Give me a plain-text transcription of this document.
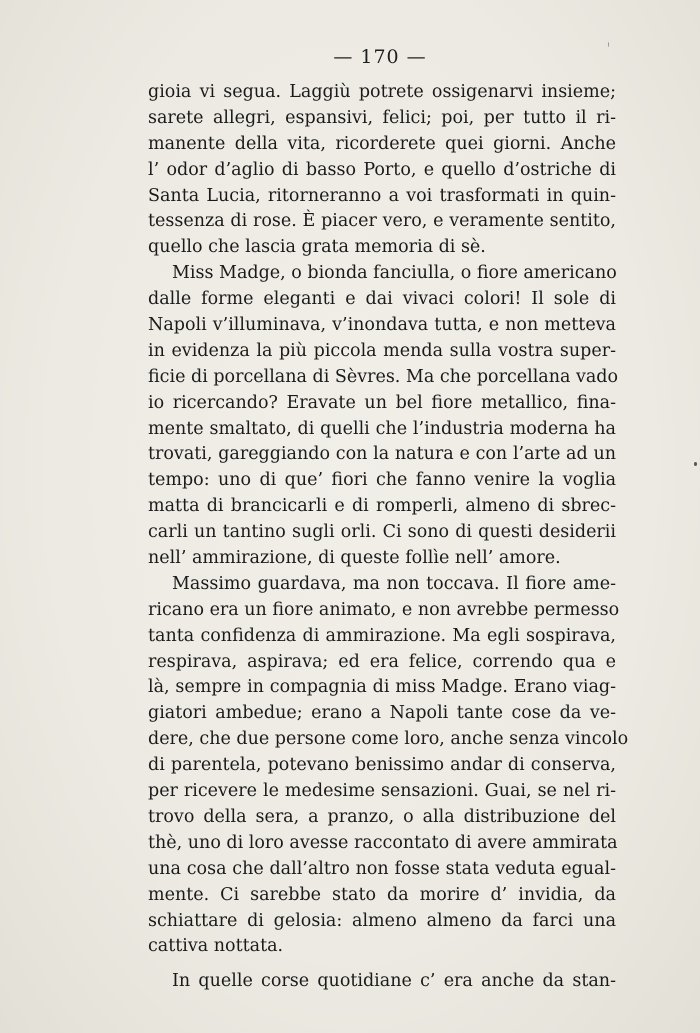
— 170 —
gioia vi segua. Laggiù potrete ossigenarvi insieme;
sarete allegri, espansivi, felici; poi, per tutto il ri-
manente della vita, ricorderete quei giorni. Anche
l’ odor d’aglio di basso Porto, e quello d’ostriche di
Santa Lucia, ritorneranno a voi trasformati in quin-
tessenza di rose. È piacer vero, e veramente sentito,
quello che lascia grata memoria di sè.
Miss Madge, o bionda fanciulla, o fiore americano
dalle forme eleganti e dai vivaci colori! Il sole di
Napoli v’illuminava, v’inondava tutta, e non metteva
in evidenza la più piccola menda sulla vostra super-
ficie di porcellana di Sèvres. Ma che porcellana vado
io ricercando? Eravate un bel fiore metallico, fina-
mente smaltato, di quelli che l’industria moderna ha
trovati, gareggiando con la natura e con l’arte ad un
tempo: uno di que’ fiori che fanno venire la voglia
matta di brancicarli e di romperli, almeno di sbrec-
carli un tantino sugli orli. Ci sono di questi desiderii
nell’ ammirazione, di queste follìe nell’ amore.
Massimo guardava, ma non toccava. Il fiore ame-
ricano era un fiore animato, e non avrebbe permesso
tanta confidenza di ammirazione. Ma egli sospirava,
respirava, aspirava; ed era felice, correndo qua e
là, sempre in compagnia di miss Madge. Erano viag-
giatori ambedue; erano a Napoli tante cose da ve-
dere, che due persone come loro, anche senza vincolo
di parentela, potevano benissimo andar di conserva,
per ricevere le medesime sensazioni. Guai, se nel ri-
trovo della sera, a pranzo, o alla distribuzione del
thè, uno di loro avesse raccontato di avere ammirata
una cosa che dall’altro non fosse stata veduta egual-
mente. Ci sarebbe stato da morire d’ invidia, da
schiattare di gelosia: almeno almeno da farci una
cattiva nottata.
In quelle corse quotidiane c’ era anche da stan-
